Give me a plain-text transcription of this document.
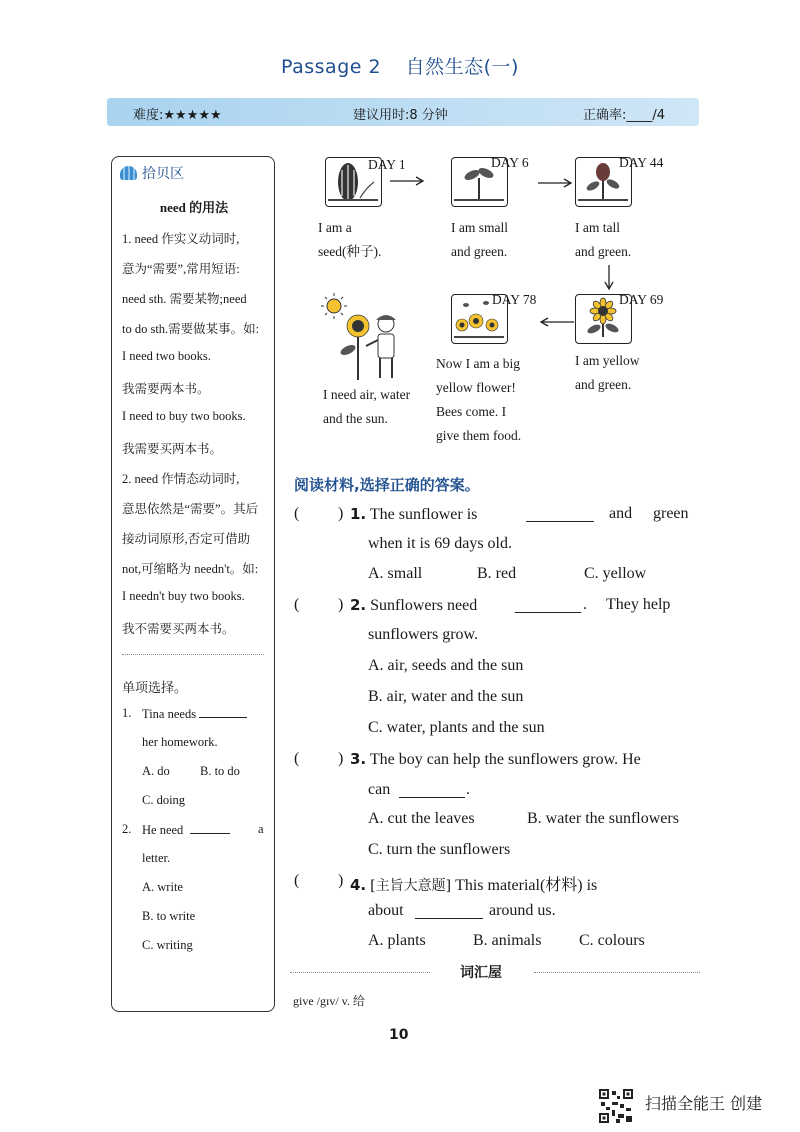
Passage 2 自然生态(一)
难度:★★★★★	建议用时:8 分钟	正确率:____/4
拾贝区
need 的用法
1. need 作实义动词时,
意为“需要”,常用短语:
need sth. 需要某物;need
to do sth.需要做某事。如:
I need two books.
我需要两本书。
I need to buy two books.
我需要买两本书。
2. need 作情态动词时,
意思依然是“需要”。其后
接动词原形,否定可借助
not,可缩略为 needn't。如:
I needn't buy two books.
我不需要买两本书。
单项选择。
1. Tina needs
her homework.
A. do B. to do
C. doing
2. He need	a
letter.
A. write
B. to write
C. writing
DAY 1
I am a
seed(种子).
DAY 6
I am small
and green.
DAY 44
I am tall
and green.
DAY 69
I am yellow
and green.
DAY 78
Now I am a big
yellow flower!
Bees come. I
give them food.
I need air, water
and the sun.
阅读材料,选择正确的答案。
( ) 1. The sunflower is	and green
when it is 69 days old.
A. small	B. red	C. yellow
( ) 2. Sunflowers need	. They help
sunflowers grow.
A. air, seeds and the sun
B. air, water and the sun
C. water, plants and the sun
( ) 3. The boy can help the sunflowers grow. He
can	.
A. cut the leaves	B. water the sunflowers
C. turn the sunflowers
( ) 4. [主旨大意题] This material(材料) is
about	around us.
A. plants	B. animals C. colours
词汇屋
give /gɪv/ v. 给
10
扫描全能王 创建
